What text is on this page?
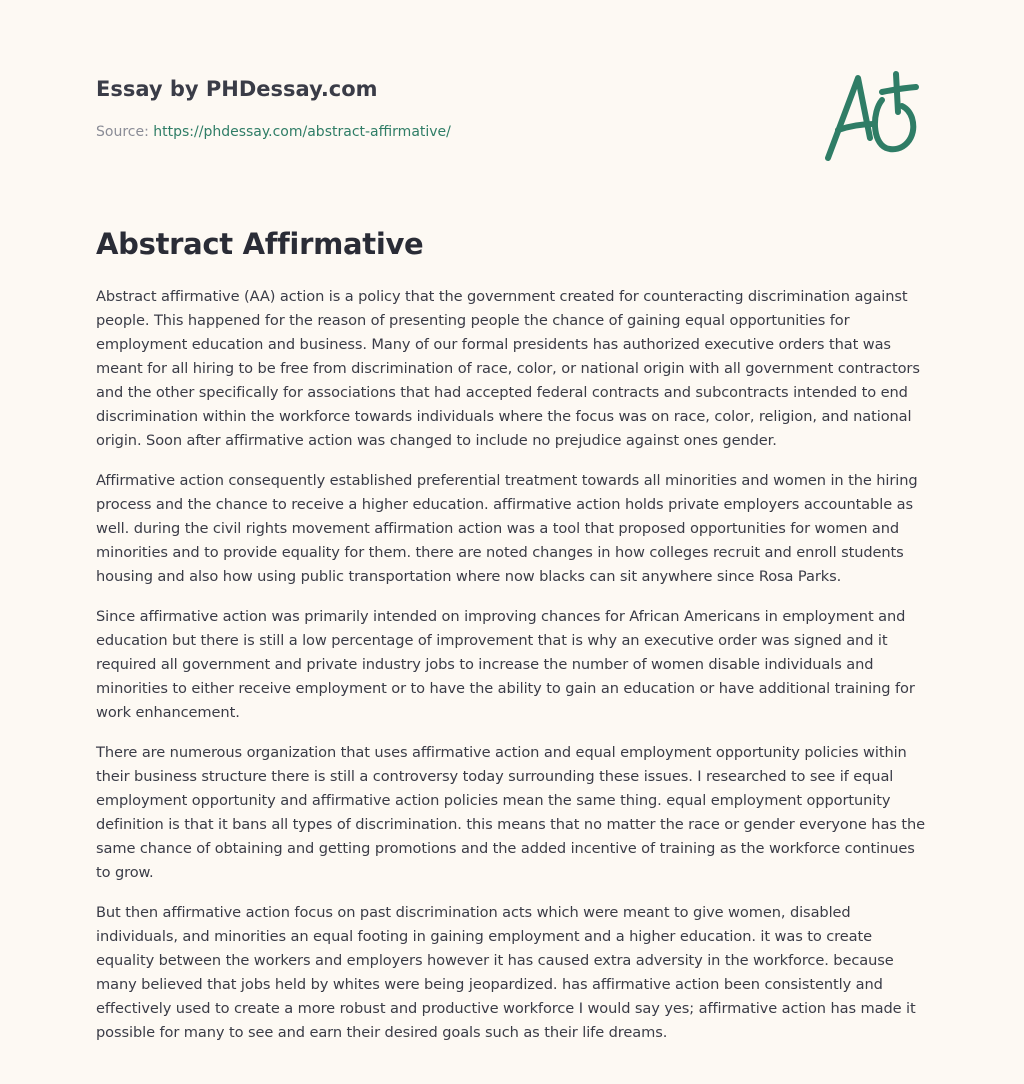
Essay by PHDessay.com
Source: https://phdessay.com/abstract-affirmative/
Abstract Affirmative

Abstract affirmative (AA) action is a policy that the government created for counteracting discrimination against people. This happened for the reason of presenting people the chance of gaining equal opportunities for employment education and business. Many of our formal presidents has authorized executive orders that was meant for all hiring to be free from discrimination of race, color, or national origin with all government contractors and the other specifically for associations that had accepted federal contracts and subcontracts intended to end discrimination within the workforce towards individuals where the focus was on race, color, religion, and national origin. Soon after affirmative action was changed to include no prejudice against ones gender.

Affirmative action consequently established preferential treatment towards all minorities and women in the hiring process and the chance to receive a higher education. affirmative action holds private employers accountable as well. during the civil rights movement affirmation action was a tool that proposed opportunities for women and minorities and to provide equality for them. there are noted changes in how colleges recruit and enroll students housing and also how using public transportation where now blacks can sit anywhere since Rosa Parks.

Since affirmative action was primarily intended on improving chances for African Americans in employment and education but there is still a low percentage of improvement that is why an executive order was signed and it required all government and private industry jobs to increase the number of women disable individuals and minorities to either receive employment or to have the ability to gain an education or have additional training for work enhancement.

There are numerous organization that uses affirmative action and equal employment opportunity policies within their business structure there is still a controversy today surrounding these issues. I researched to see if equal employment opportunity and affirmative action policies mean the same thing. equal employment opportunity definition is that it bans all types of discrimination. this means that no matter the race or gender everyone has the same chance of obtaining and getting promotions and the added incentive of training as the workforce continues to grow.

But then affirmative action focus on past discrimination acts which were meant to give women, disabled individuals, and minorities an equal footing in gaining employment and a higher education. it was to create equality between the workers and employers however it has caused extra adversity in the workforce. because many believed that jobs held by whites were being jeopardized. has affirmative action been consistently and effectively used to create a more robust and productive workforce I would say yes; affirmative action has made it possible for many to see and earn their desired goals such as their life dreams.
